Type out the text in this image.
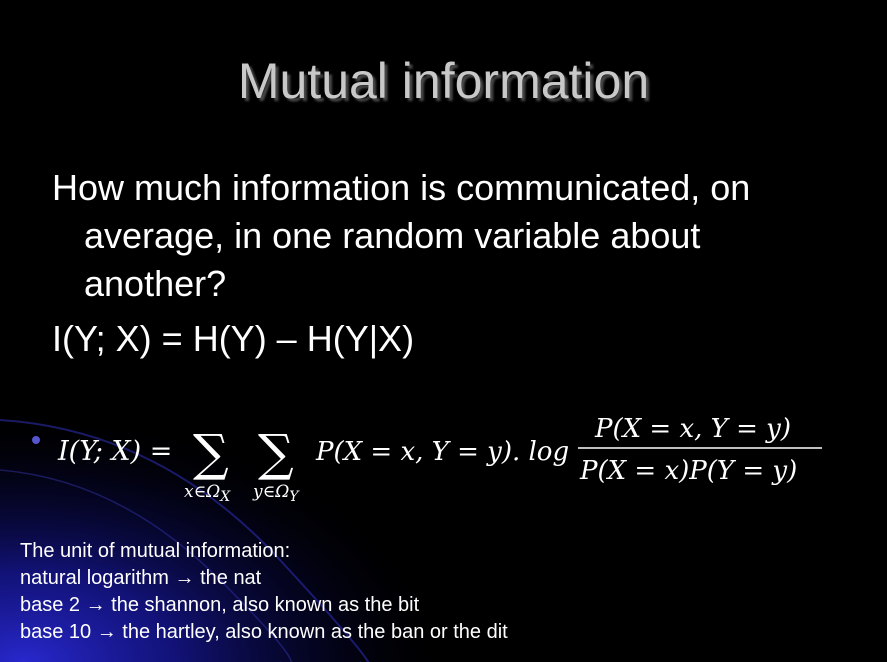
Mutual information
How much information is communicated, on
average, in one random variable about
another?
I(Y; X) = H(Y) – H(Y|X)
I(Y; X) = ∑
$x\in\Omega_X$
∑
$y\in\Omega_Y$
P(X = x, Y = y). log
P(X = x, Y = y)
P(X = x)P(Y = y)
The unit of mutual information:
natural logarithm → the nat
base 2 → the shannon, also known as the bit
base 10 → the hartley, also known as the ban or the dit
